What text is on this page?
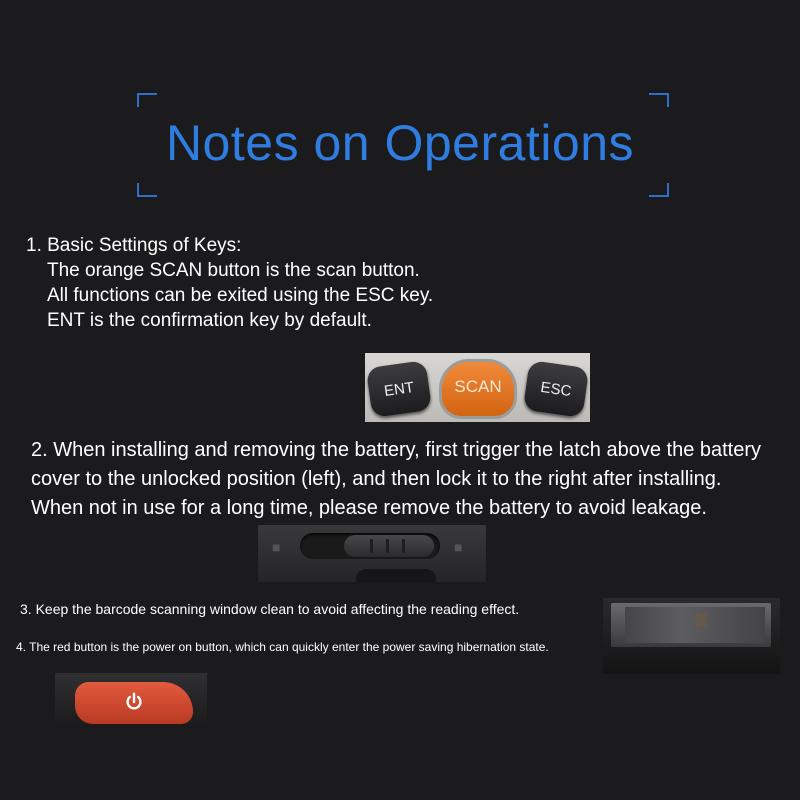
Notes on Operations
1. Basic Settings of Keys:
The orange SCAN button is the scan button.
All functions can be exited using the ESC key.
ENT is the confirmation key by default.
ENT	SCAN	ESC
2. When installing and removing the battery, first trigger the latch above the battery cover to the unlocked position (left), and then lock it to the right after installing. When not in use for a long time, please remove the battery to avoid leakage.
■	■
3. Keep the barcode scanning window clean to avoid affecting the reading effect.
4. The red button is the power on button, which can quickly enter the power saving hibernation state.
